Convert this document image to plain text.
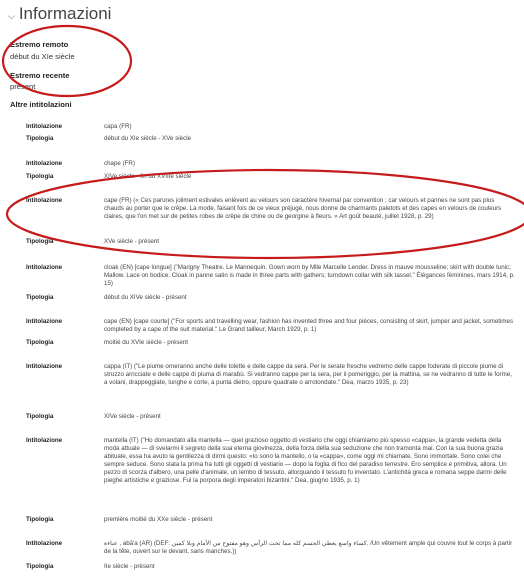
⌵ Informazioni
Estremo remoto
début du XIe siècle
Estremo recente
présent
Altre intitolazioni
Intitolazione	capa (FR)
Tipologia	début du XIe siècle - XVe siècle
Intitolazione	chape (FR)
Tipologia	XIVe siècle - fin du XVIIIe siècle
Intitolazione	cape (FR) (« Ces parures joliment estivales enlèvent au velours son caractère hivernal par convention ; car velours et pannes ne sont pas plus chauds au porter que le crêpe. La mode, faisant fois de ce vieux préjugé, nous donne de charmants paletots et des capes en velours de couleurs claires, que l'on met sur de petites robes de crêpe de chine ou de georgine à fleurs. » Art goût beauté, juillet 1928, p. 29)
Tipologia	XVe siècle - présent
Intitolazione	cloak (EN) [cape longue] ("Marigny Theatre. Le Mannequin. Gown worn by Mlle Marcelle Lender. Dress in mauve mousseline; skirt with double tunic; Mallow. Lace on bodice. Cloak in panne satin is made in three parts with gathers; turndown collar with silk tassel." Élégances féminines, mars 1914, p. 15)
Tipologia	début du XIVe siècle - présent
Intitolazione	cape (EN) [cape courte] ("For sports and travelling wear, fashion has invented three and four pièces, consisting of skirt, jumper and jacket, sometimes completed by a cape of the suit material." Le Grand tailleur, March 1929, p. 1)
Tipologia	moitié du XVIe siècle - présent
Intitolazione	cappa (IT) ("Le piume orneranno anche delle tolette e delle cappe da sera. Per le serate fresche vedremo delle cappe foderate di piccole piume di struzzo arricciate e delle cappe di piuma di marabù. Si vedranno cappe per la sera, per il pomeriggio, per la mattina, se ne vedranno di tutte le forme, a volani, drappeggiate, lunghe e corte, a punta dietro, oppure quadrate o arrotondate." Dea, marzo 1935, p. 23)
Tipologia	XIVe siècle - présent
Intitolazione	mantella (IT) ("Ho domandato alla mantella — quel grazioso oggetto di vestiario che oggi chiamiamo più spesso «cappa», la grande vedetta della moda attuale — di svelarmi il segreto della sua eterna giovinezza, della forza della sua seduzione che non tramonta mai. Con la sua buona grazia abituale, essa ha avuto la gentilezza di dirmi questo: «Io sono la mantello, o la «cappa», come oggi mi chiamate. Sono immortale. Sono colei che sempre seduce. Sono stata la prima fra tutti gli oggetti di vestiario — dopo la foglia di fico del paradiso terrestre. Ero semplice e primitiva, allora. Un pezzo di scorza d'albero, una pelle d'animale, un lembo di tessuto, allorquando il tessuto fu inventato. L'antichità greca e romana seppe darmi delle pieghe artistiche e graziose. Fui la porpora degli imperatori bizantini." Dea, giugno 1935, p. 1)
Tipologia	première moitié du XXe siècle - présent
Intitolazione	عباءة , abā'a (AR) (DEF: كساء واسع يغطي الجسم كله مما تحت الرأس وهو مفتوح من الأمام وبلا كمين. /Un vêtement ample qui couvre tout le corps à partir de la tête, ouvert sur le devant, sans manches.))
Tipologia	IIe siècle - présent
